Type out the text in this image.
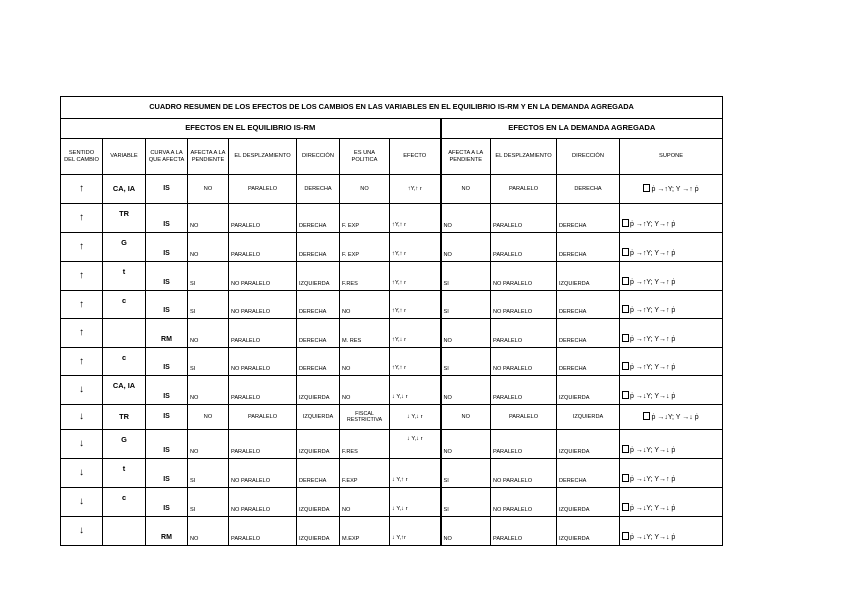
CUADRO RESUMEN DE LOS EFECTOS DE LOS CAMBIOS EN LAS VARIABLES EN EL EQUILIBRIO IS-RM Y EN LA DEMANDA AGREGADA											
EFECTOS EN EL EQUILIBRIO IS-RM								EFECTOS EN LA DEMANDA AGREGADA			
SENTIDO DEL CAMBIO	VARIABLE	CURVA A LA QUE AFECTA	AFECTA A LA PENDIENTE	EL DESPLZAMIENTO	DIRECCIÓN	ES UNA POLITICA	EFECTO	AFECTA A LA PENDIENTE	EL DESPLZAMIENTO	DIRECCIÓN	SUPONE
↑	CA, IA	IS	NO	PARALELO	DERECHA	NO	↑Y,↑ r	NO	PARALELO	DERECHA	ṗ →↑Y; Y →↑ ṗ
↑	TR	IS	NO	PARALELO	DERECHA	F. EXP	↑Y,↑ r	NO	PARALELO	DERECHA	ṗ →↑Y; Y→↑ ṗ
↑	G	IS	NO	PARALELO	DERECHA	F. EXP	↑Y,↑ r	NO	PARALELO	DERECHA	ṗ →↑Y; Y→↑ ṗ
↑	t	IS	SI	NO PARALELO	IZQUIERDA	F.RES	↑Y,↑ r	SI	NO PARALELO	IZQUIERDA	ṗ →↑Y; Y→↑ ṗ
↑	c	IS	SI	NO PARALELO	DERECHA	NO	↑Y,↑ r	SI	NO PARALELO	DERECHA	ṗ →↑Y; Y→↑ ṗ
↑		RM	NO	PARALELO	DERECHA	M. RES	↑Y,↓ r	NO	PARALELO	DERECHA	ṗ →↑Y; Y→↑ ṗ
↑	c	IS	SI	NO PARALELO	DERECHA	NO	↑Y,↑ r	SI	NO PARALELO	DERECHA	ṗ →↑Y; Y→↑ ṗ
↓	CA, IA	IS	NO	PARALELO	IZQUIERDA	NO	↓ Y,↓ r	NO	PARALELO	IZQUIERDA	ṗ →↓Y; Y→↓ ṗ
↓	TR	IS	NO	PARALELO	IZQUIERDA	FISCAL RESTRICTIVA	↓ Y,↓ r	NO	PARALELO	IZQUIERDA	ṗ →↓Y; Y →↓ ṗ
↓	G	IS	NO	PARALELO	IZQUIERDA	F.RES	↓ Y,↓ r	NO	PARALELO	IZQUIERDA	ṗ →↓Y; Y→↓ ṗ
↓	t	IS	SI	NO PARALELO	DERECHA	F.EXP	↓ Y,↑ r	SI	NO PARALELO	DERECHA	ṗ →↓Y; Y→↑ ṗ
↓	c	IS	SI	NO PARALELO	IZQUIERDA	NO	↓ Y,↓ r	SI	NO PARALELO	IZQUIERDA	ṗ →↓Y; Y→↓ ṗ
↓		RM	NO	PARALELO	IZQUIERDA	M.EXP	↓ Y,↑r	NO	PARALELO	IZQUIERDA	ṗ →↓Y; Y→↓ ṗ
